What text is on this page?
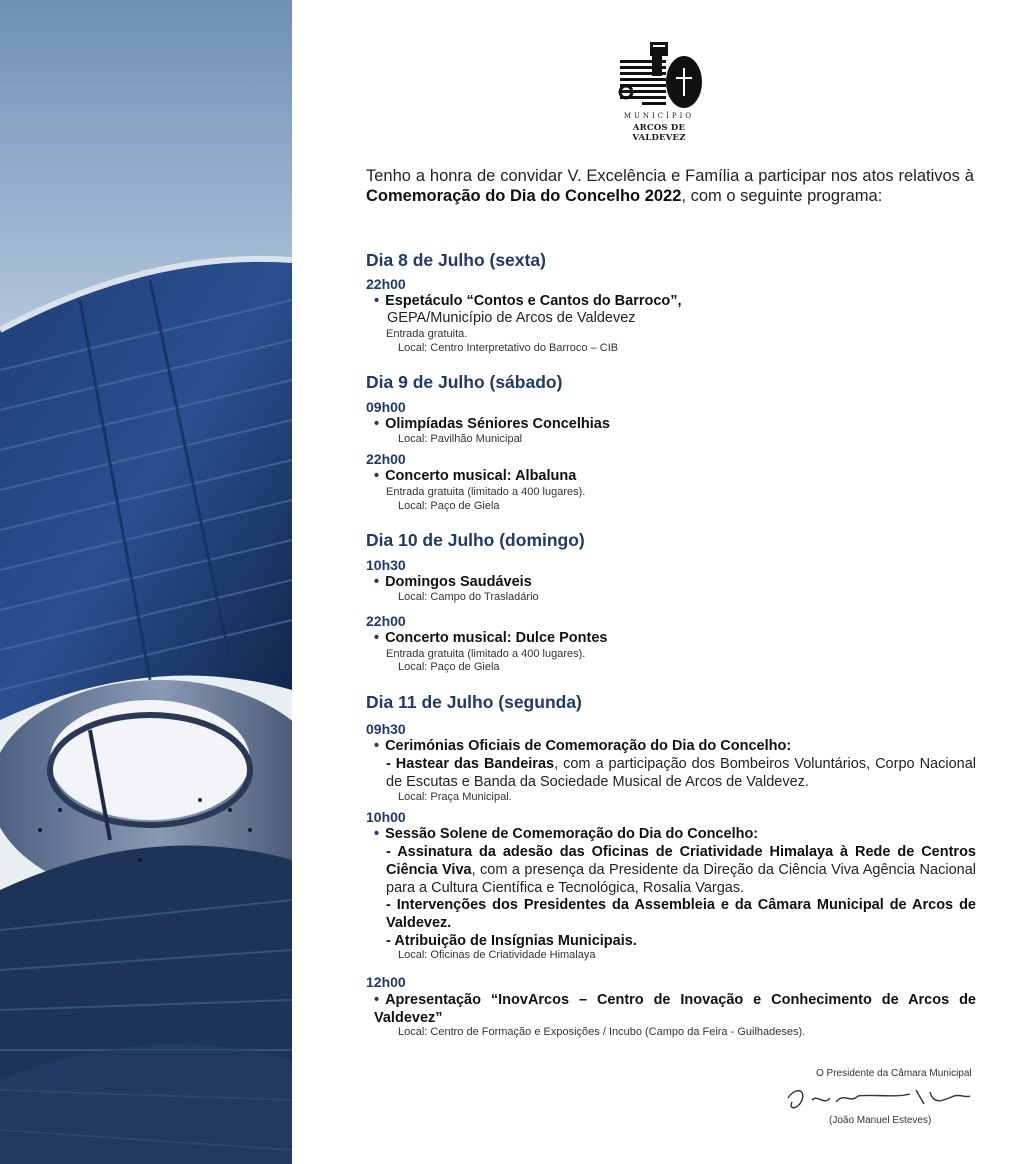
MUNICÍPIO
ARCOS DE VALDEVEZ
Tenho a honra de convidar V. Excelência e Família a participar nos atos relativos à Comemoração do Dia do Concelho 2022, com o seguinte programa:
Dia 8 de Julho (sexta)
22h00
• Espetáculo “Contos e Cantos do Barroco”,
GEPA/Município de Arcos de Valdevez
Entrada gratuita.
Local: Centro Interpretativo do Barroco – CIB
Dia 9 de Julho (sábado)
09h00
• Olimpíadas Séniores Concelhias
Local: Pavilhão Municipal
22h00
• Concerto musical: Albaluna
Entrada gratuita (limitado a 400 lugares).
Local: Paço de Giela
Dia 10 de Julho (domingo)
10h30
• Domingos Saudáveis
Local: Campo do Trasladário
22h00
• Concerto musical: Dulce Pontes
Entrada gratuita (limitado a 400 lugares).
Local: Paço de Giela
Dia 11 de Julho (segunda)
09h30
• Cerimónias Oficiais de Comemoração do Dia do Concelho:
- Hastear das Bandeiras, com a participação dos Bombeiros Voluntários, Corpo Nacional de Escutas e Banda da Sociedade Musical de Arcos de Valdevez.
Local: Praça Municipal.
10h00
• Sessão Solene de Comemoração do Dia do Concelho:
- Assinatura da adesão das Oficinas de Criatividade Himalaya à Rede de Centros Ciência Viva, com a presença da Presidente da Direção da Ciência Viva Agência Nacional para a Cultura Científica e Tecnológica, Rosalia Vargas.
- Intervenções dos Presidentes da Assembleia e da Câmara Municipal de Arcos de Valdevez.
- Atribuição de Insígnias Municipais.
Local: Oficinas de Criatividade Himalaya
12h00
• Apresentação “InovArcos – Centro de Inovação e Conhecimento de Arcos de Valdevez”
Local: Centro de Formação e Exposições / Incubo (Campo da Feira - Guilhadeses).
O Presidente da Câmara Municipal
(João Manuel Esteves)
